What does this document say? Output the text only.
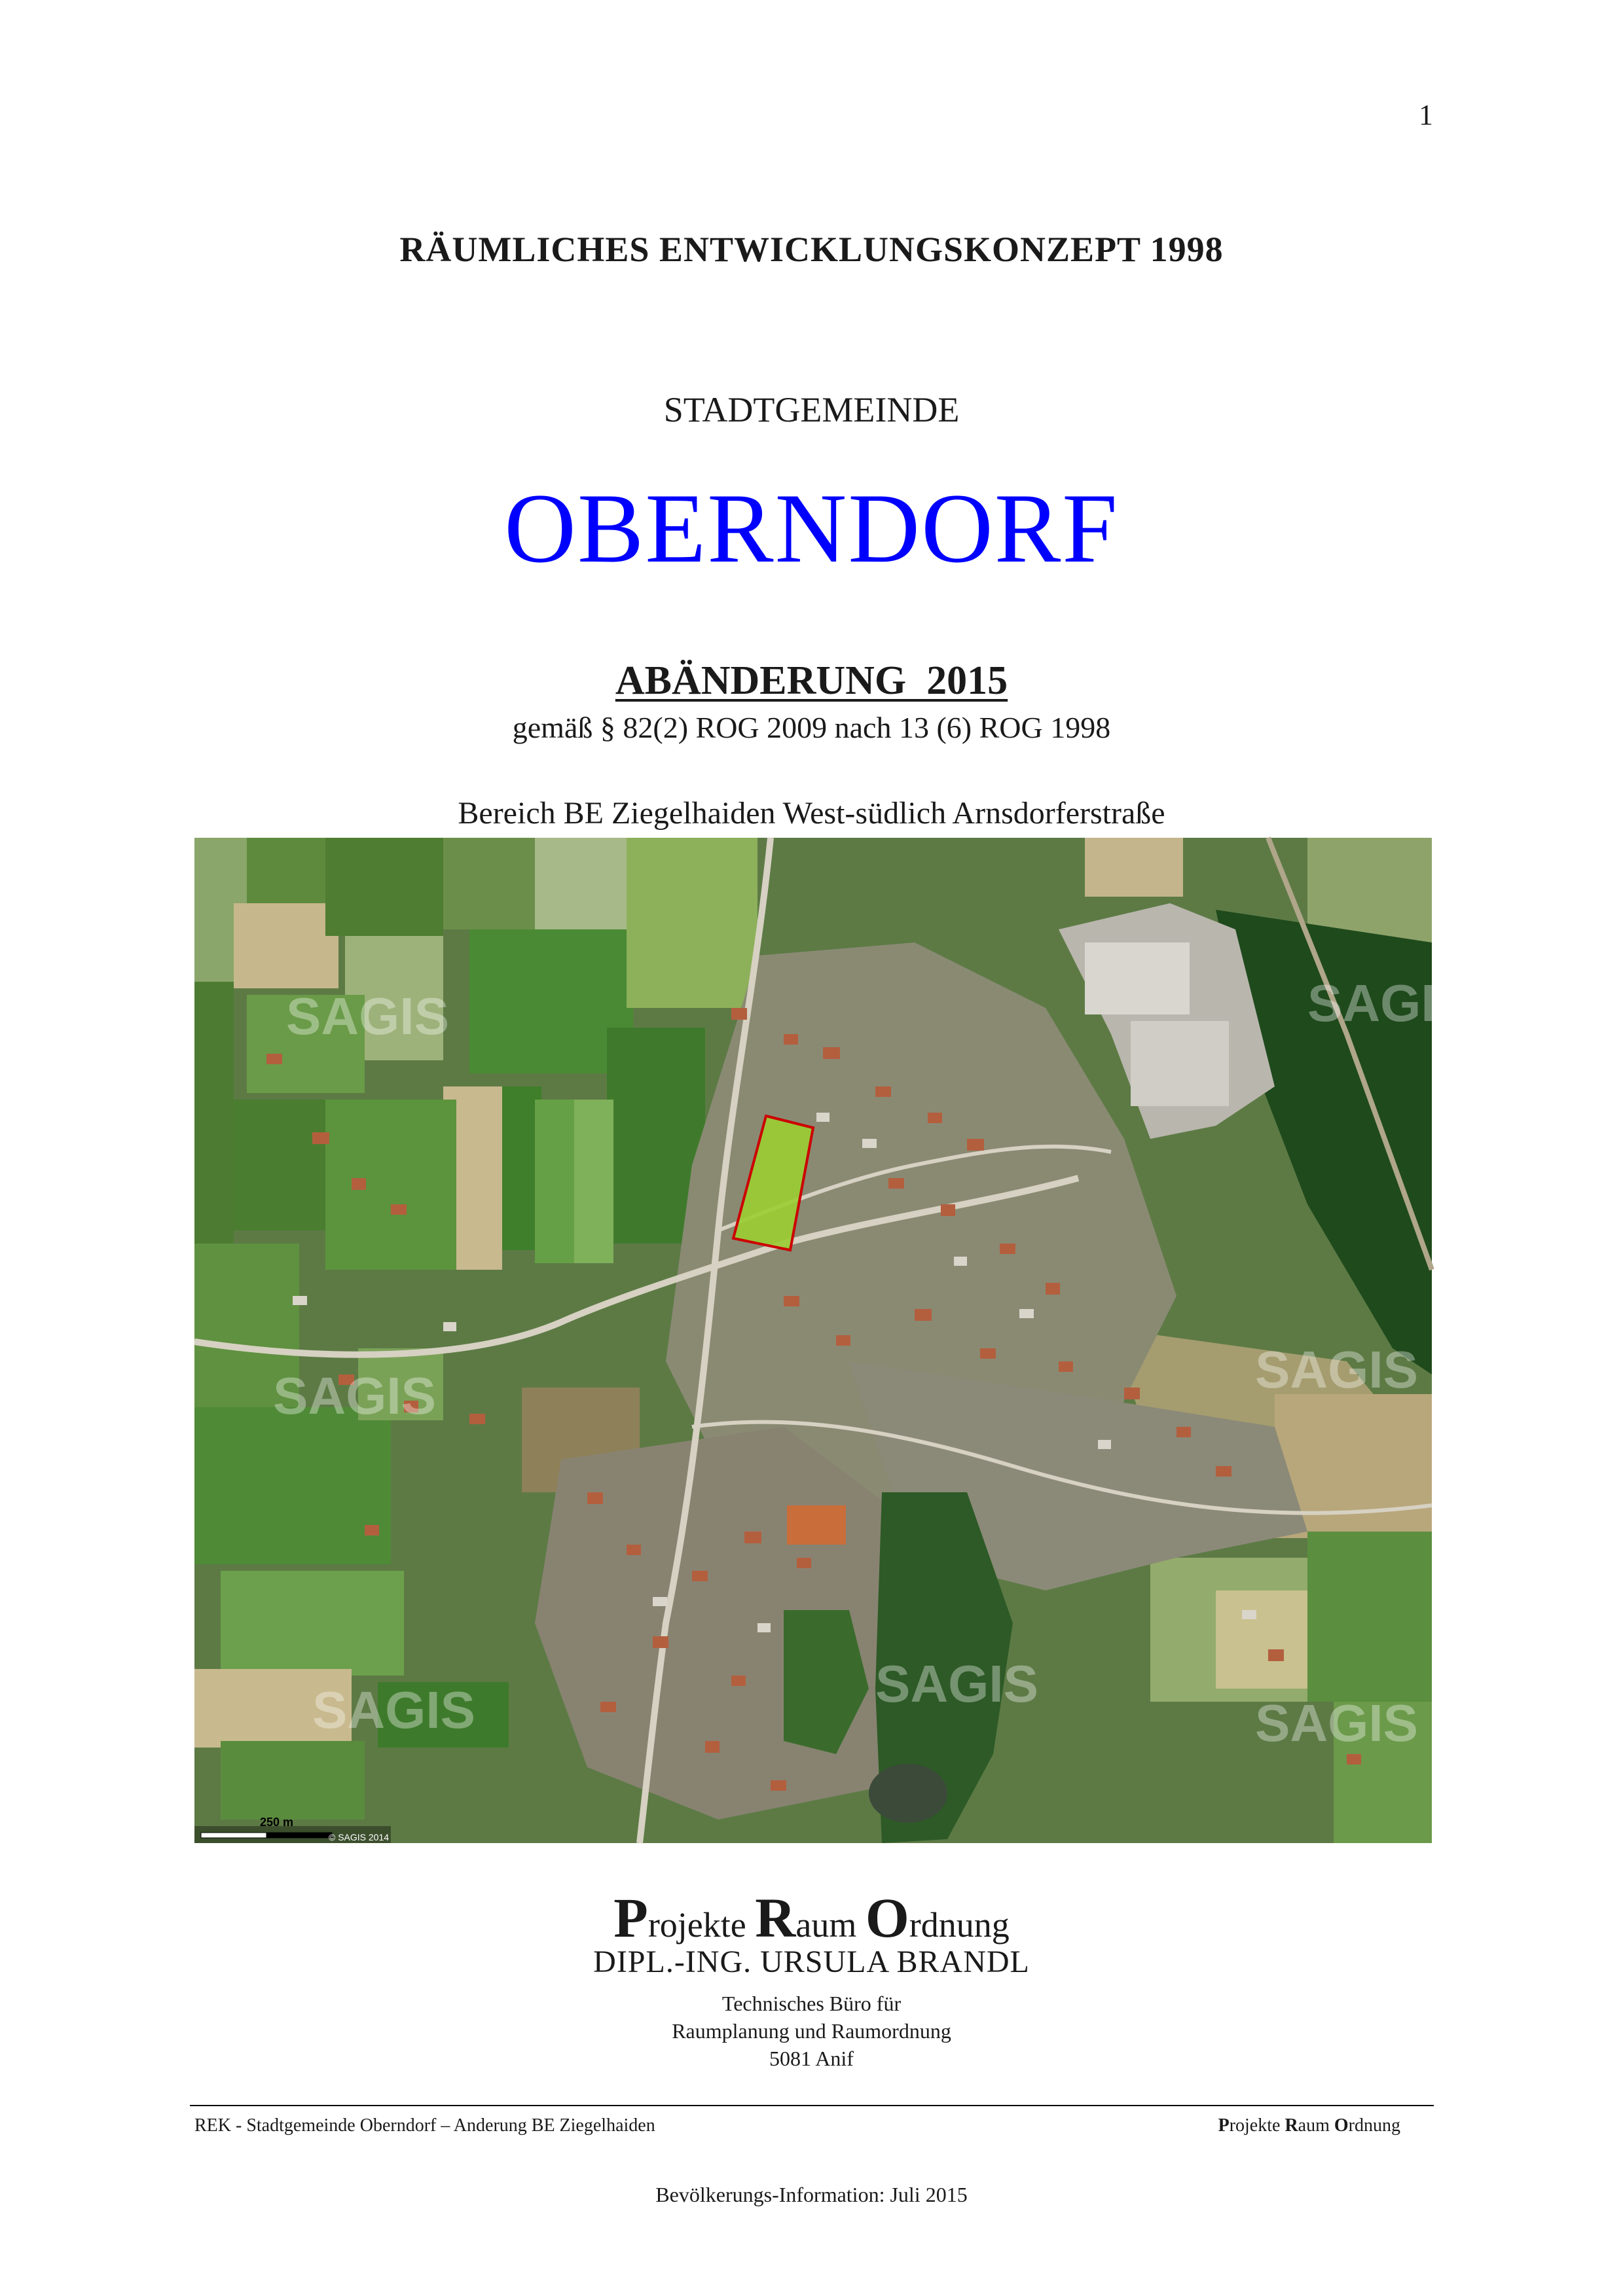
1
RÄUMLICHES ENTWICKLUNGSKONZEPT 1998
STADTGEMEINDE
OBERNDORF
ABÄNDERUNG  2015
gemäß § 82(2) ROG 2009 nach 13 (6) ROG 1998
Bereich BE Ziegelhaiden West-südlich Arnsdorferstraße
SAGIS	SAGIS
SAGIS	SAGIS
SAGIS	SAGIS
SAGIS
250 m
© SAGIS 2014
Projekte Raum Ordnung
DIPL.-ING. URSULA BRANDL
Technisches Büro für
Raumplanung und Raumordnung
5081 Anif
REK - Stadtgemeinde Oberndorf – Anderung BE Ziegelhaiden	Projekte Raum Ordnung
Bevölkerungs-Information: Juli 2015
